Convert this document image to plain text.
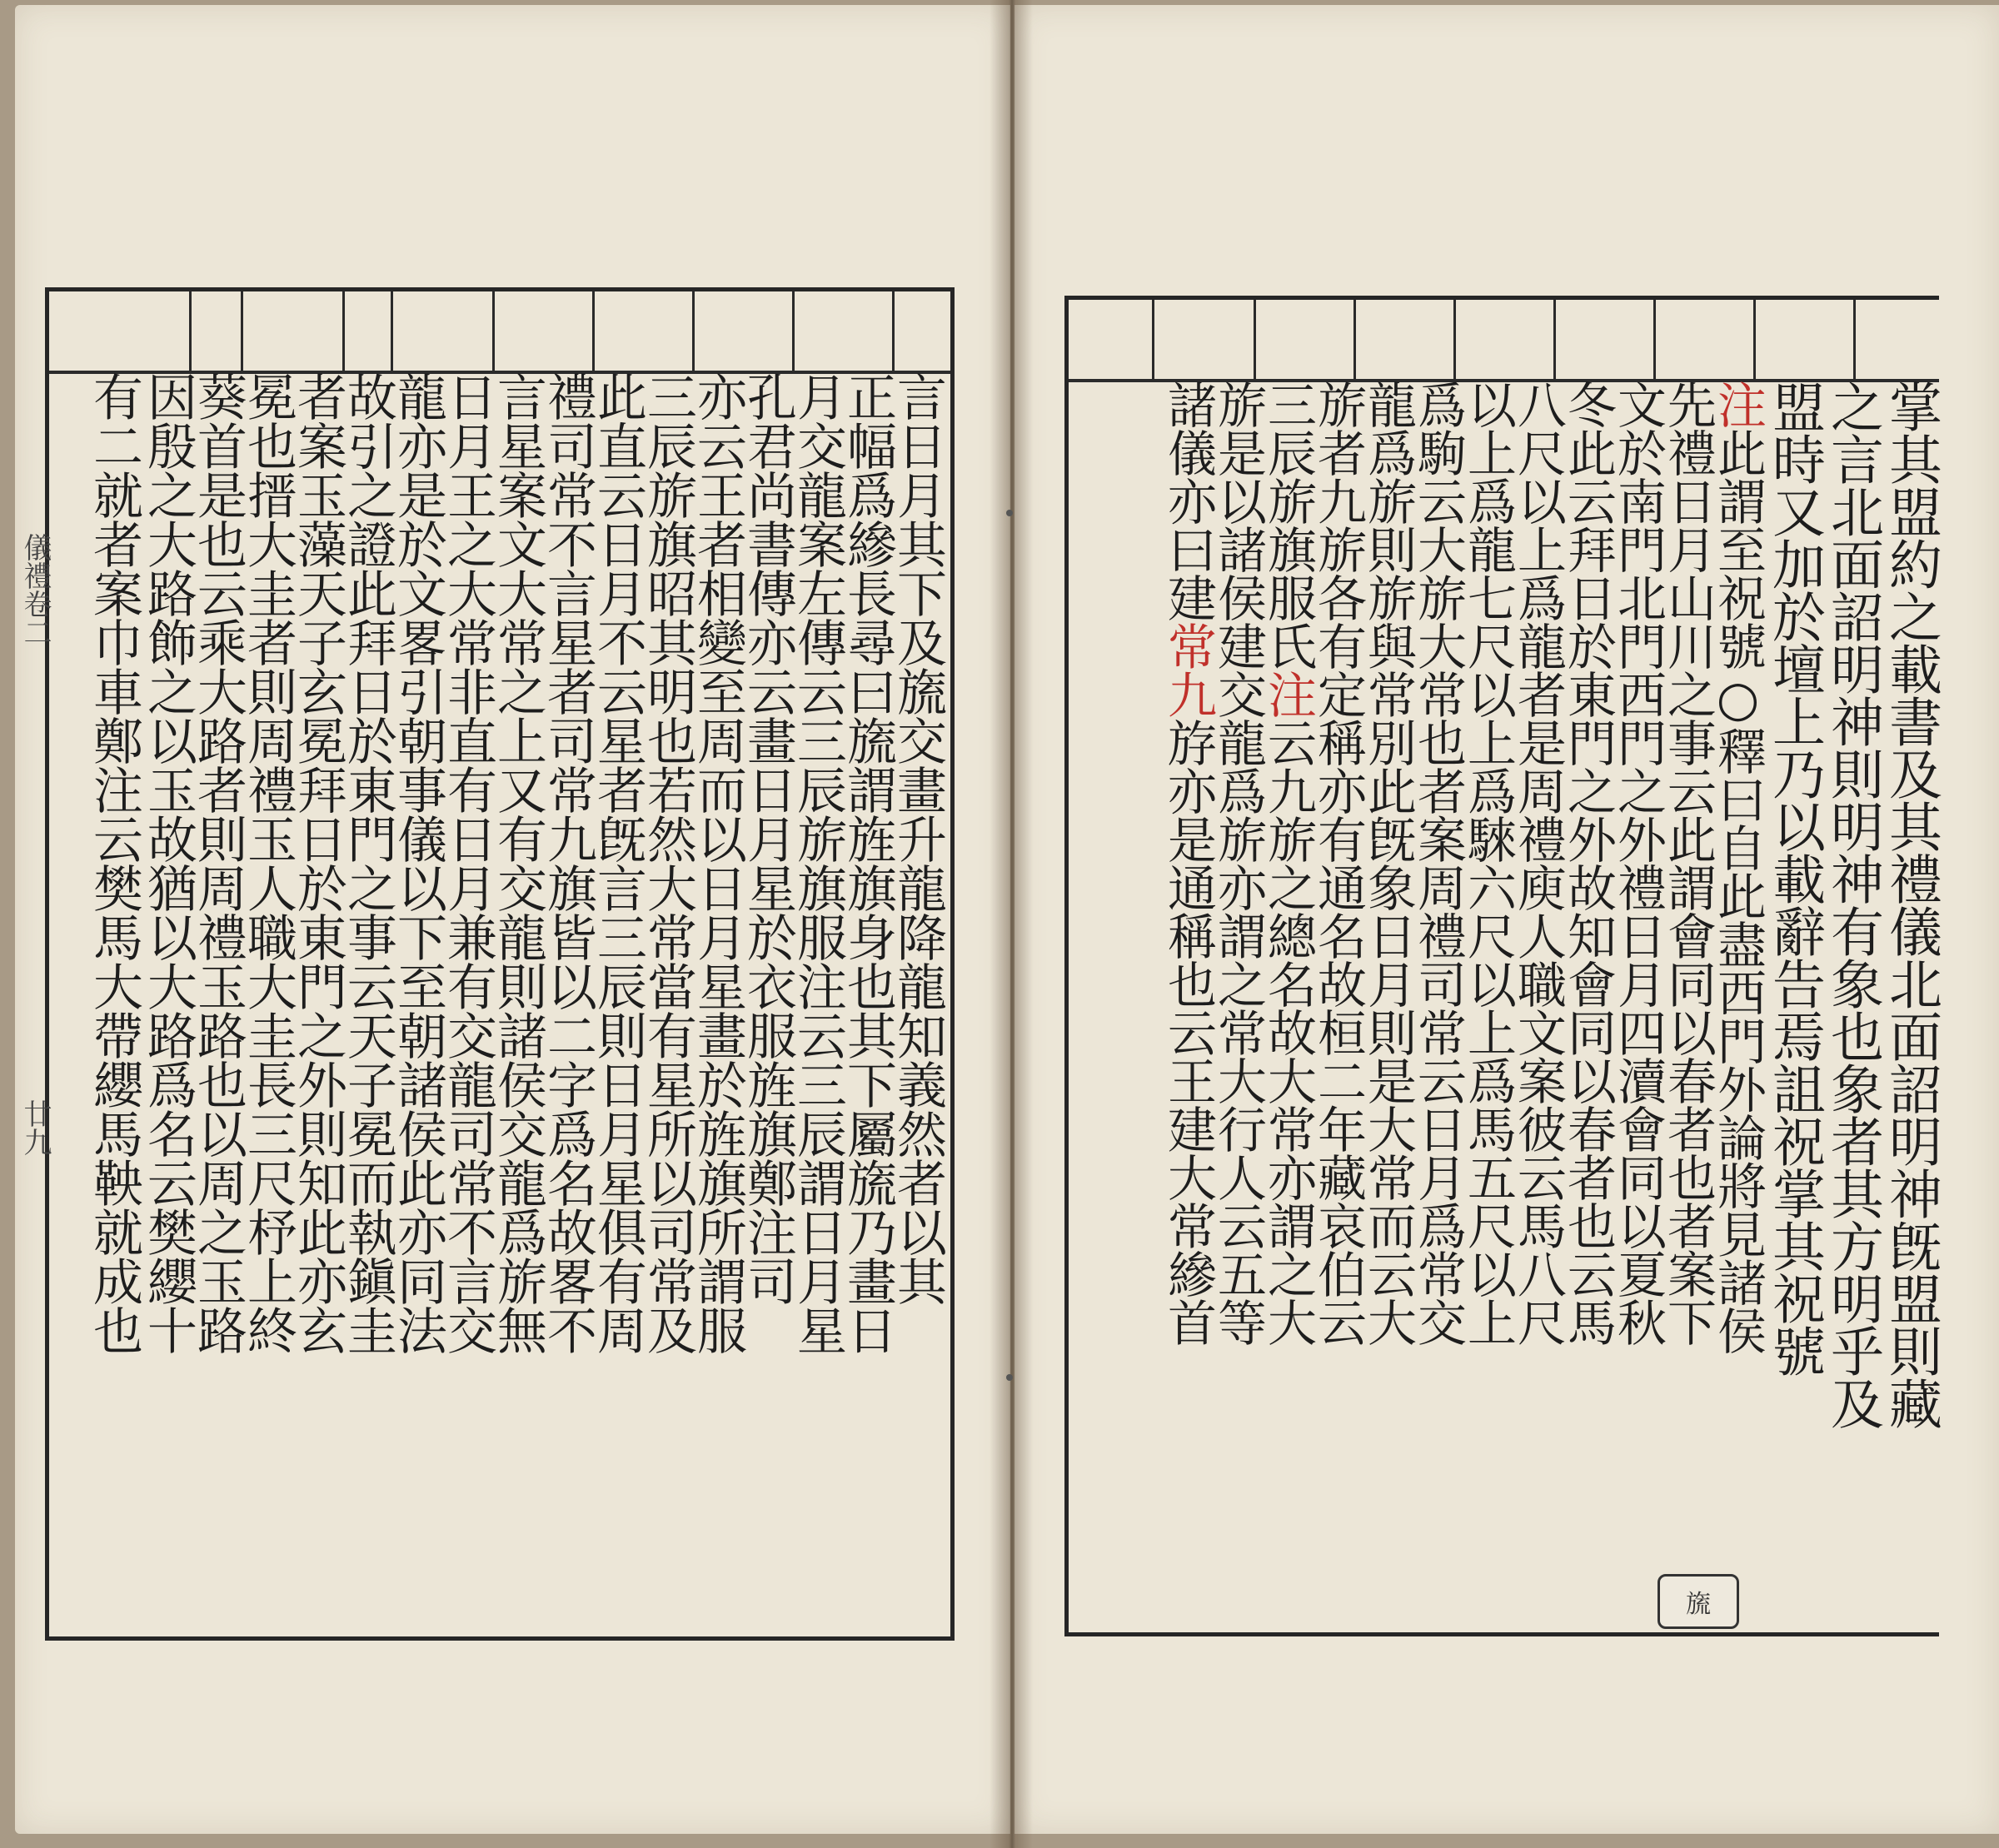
言日月其下及旒交畫升龍降龍知義然者以其
正幅爲縿長尋曰旒謂旌旗身也其下屬旒乃畫日
月交龍案左傳云三辰旂旗服注云三辰謂日月星
孔君尚書傳亦云畫日月星於衣服旌旗鄭注司
亦云王者相變至周而以日月星畫於旌旗所謂服
三辰旂旗昭其明也若然大常當有星所以司常及
此直云日月不云星者旣言三辰則日月星俱有周
禮司常不言星者司常九旗皆以二字爲名故畧不
言星案文大常之上又有交龍則諸侯交龍爲旂無
日月王之大常非直有日月兼有交龍司常不言交
龍亦是於文畧引朝事儀以下至朝諸侯此亦同法
故引之證此拜日於東門之事云天子冕而執鎭圭
者案玉藻天子玄冕拜日於東門之外則知此亦玄
冕也搢大圭者則周禮玉人職大圭長三尺杼上終
葵首是也云乘大路者則周禮玉路也以周之玉路
因殷之大路飾之以玉故猶以大路爲名云樊纓十
有二就者案巾車鄭注云樊馬大帶纓馬鞅就成也
儀禮卷二
廿九	掌其盟約之載書及其禮儀北面詔明神旣盟則藏
之言北面詔明神則明神有象也象者其方明乎及
盟時又加於壇上乃以載辭告焉詛祝掌其祝號
注此謂至祝號○釋曰自此盡西門外論將見諸侯
先禮日月山川之事云此謂會同以春者也者案下
文於南門北門西門之外禮日月四瀆會同以夏秋
冬此云拜日於東門之外故知會同以春者也云馬
八尺以上爲龍者是周禮庾人職文案彼云馬八尺
以上爲龍七尺以上爲騋六尺以上爲馬五尺以上
爲駒云大旂大常也者案周禮司常云日月爲常交
龍爲旂則旂與常別此旣象日月則是大常而云大
旂者九旂各有定稱亦有通名故桓二年藏哀伯云
三辰旂旗服氏注云九旂之總名故大常亦謂之大
旂是以諸侯建交龍爲旂亦謂之常大行人云五等
諸儀亦曰建常九斿亦是通稱也云王建大常縿首
旒
